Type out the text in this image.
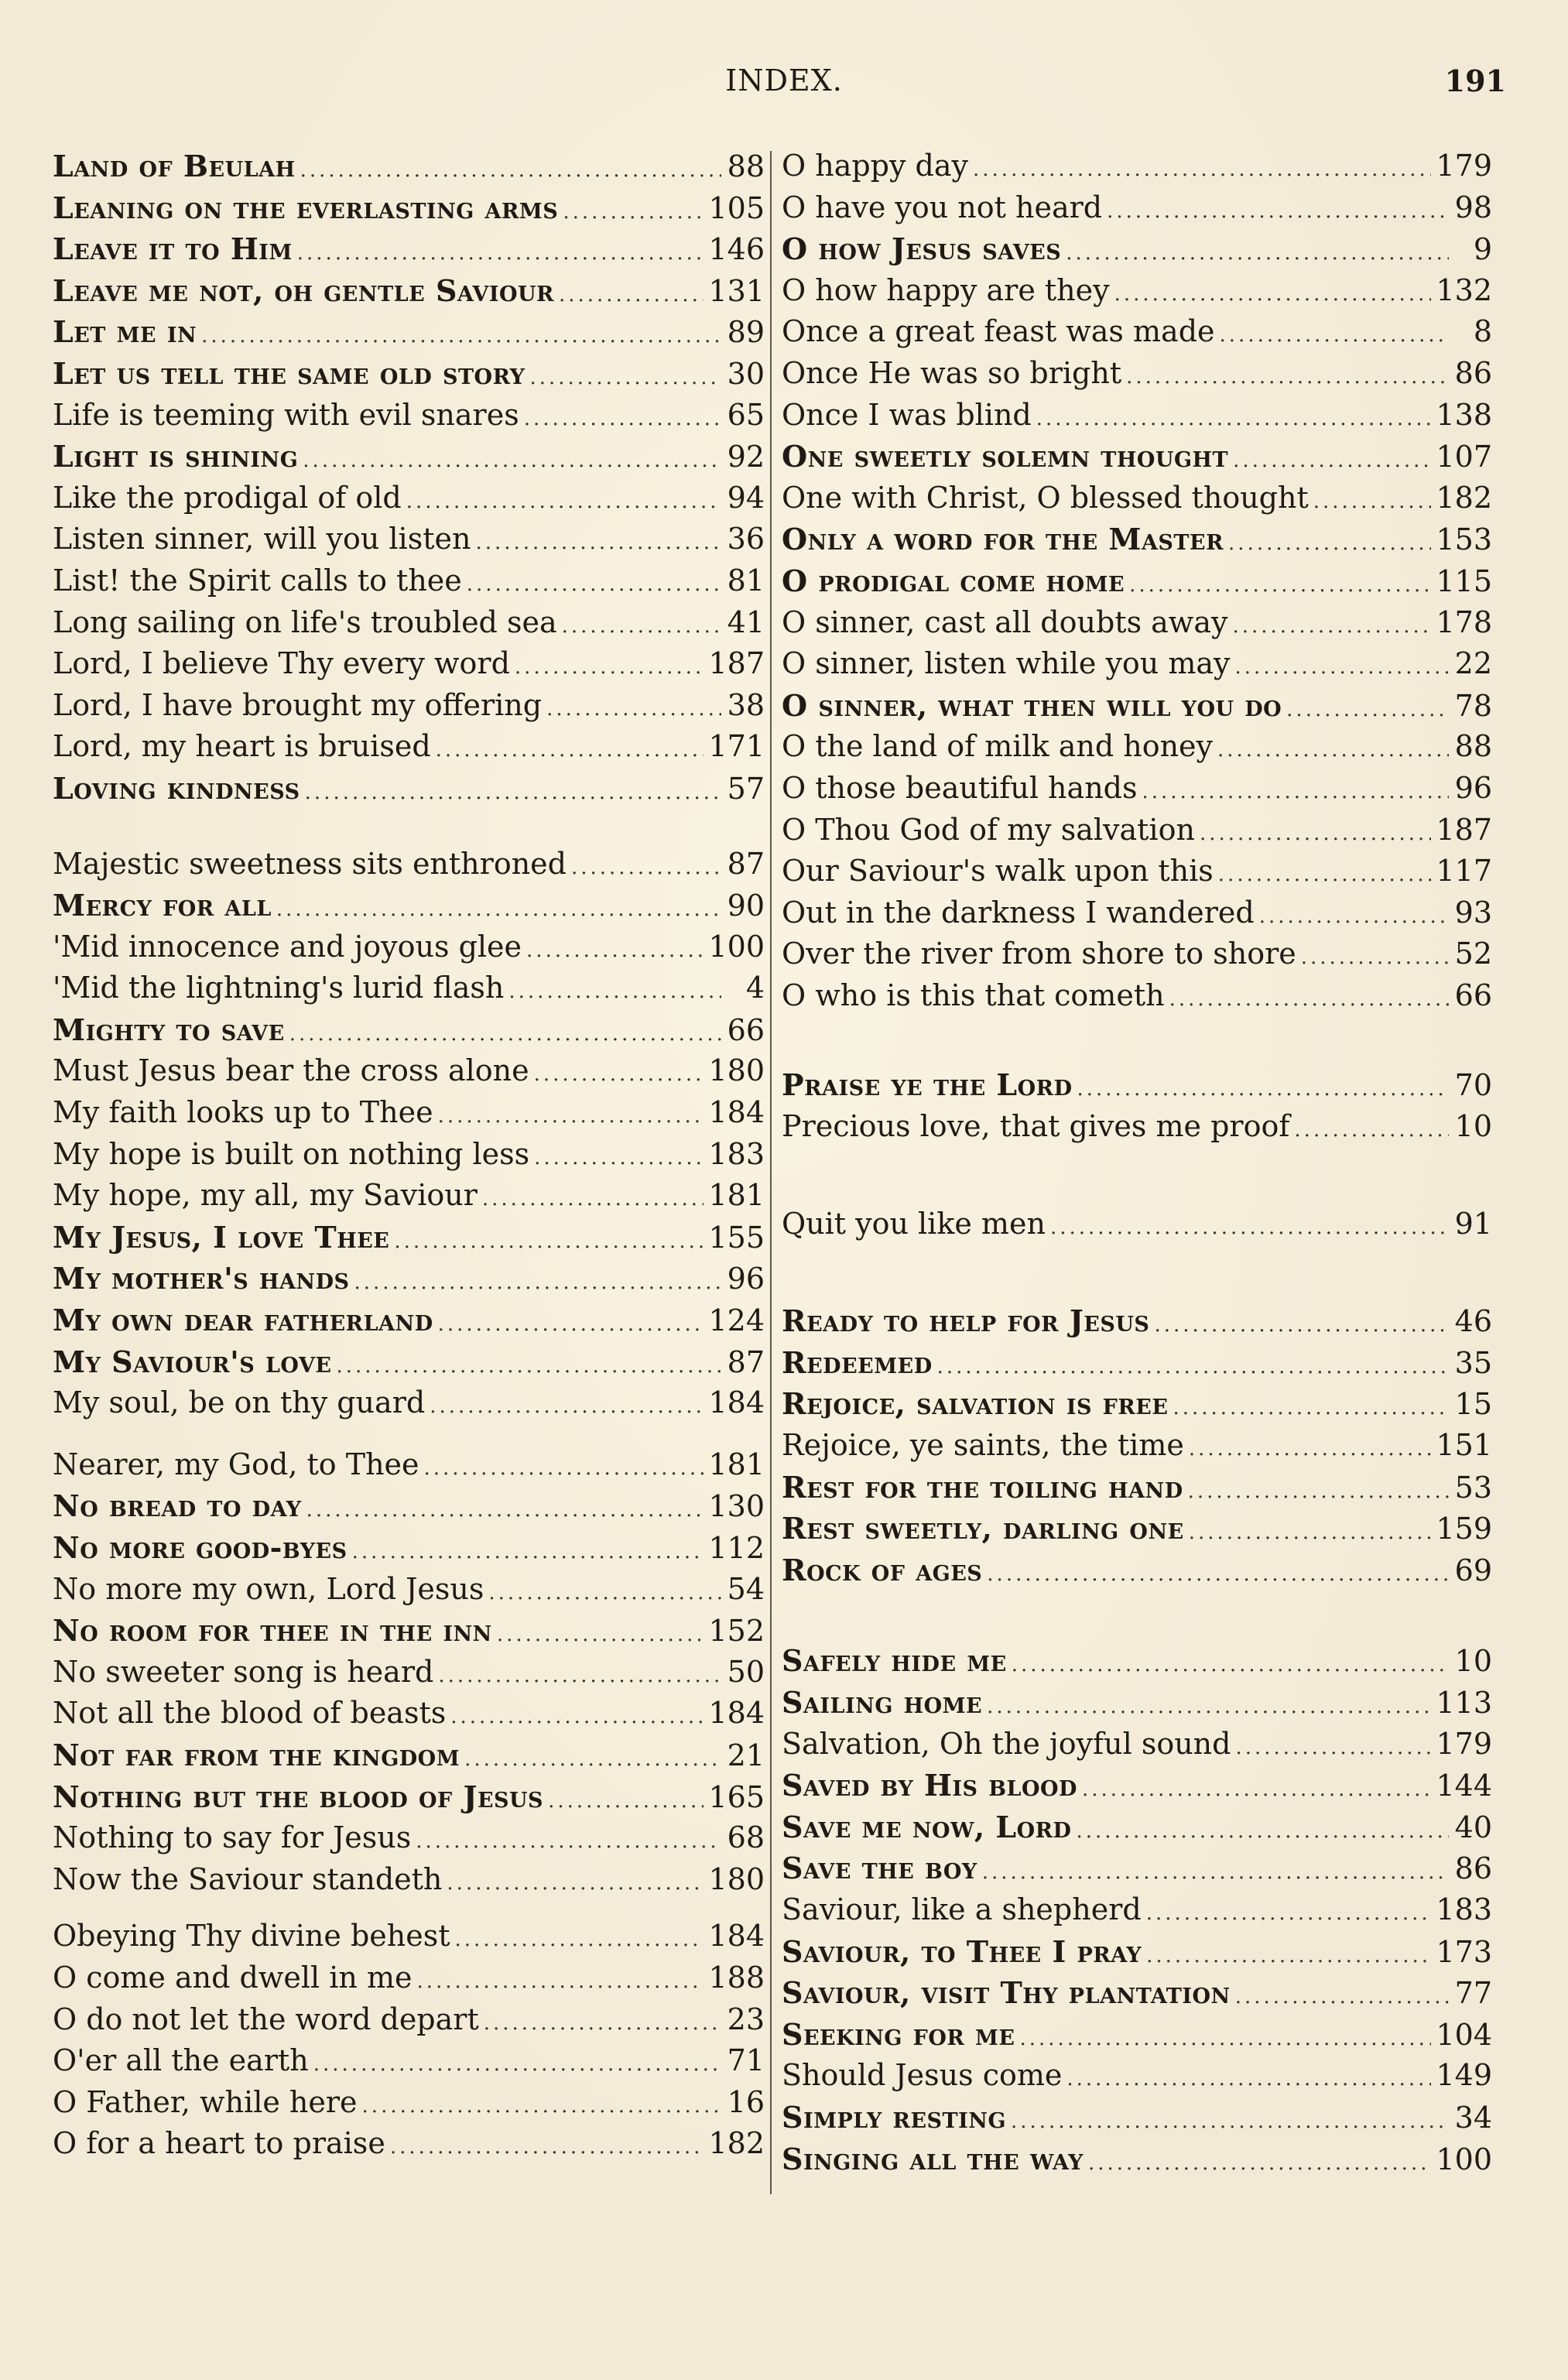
INDEX.	191
Land of Beulah .....	88
Leaning on the everlasting arms .....	105
Leave it to Him .....	146
Leave me not, oh gentle Saviour .....	131
Let me in .....	89
Let us tell the same old story .....	30
Life is teeming with evil snares .....	65
Light is shining .....	92
Like the prodigal of old .....	94
Listen sinner, will you listen .....	36
List! the Spirit calls to thee .....	81
Long sailing on life's troubled sea .....	41
Lord, I believe Thy every word .....	187
Lord, I have brought my offering .....	38
Lord, my heart is bruised .....	171
Loving kindness .....	57
Majestic sweetness sits enthroned .....	87
Mercy for all .....	90
'Mid innocence and joyous glee .....	100
'Mid the lightning's lurid flash .....	4
Mighty to save .....	66
Must Jesus bear the cross alone .....	180
My faith looks up to Thee .....	184
My hope is built on nothing less .....	183
My hope, my all, my Saviour .....	181
My Jesus, I love Thee .....	155
My mother's hands .....	96
My own dear fatherland .....	124
My Saviour's love .....	87
My soul, be on thy guard .....	184
Nearer, my God, to Thee .....	181
No bread to day .....	130
No more good-byes .....	112
No more my own, Lord Jesus .....	54
No room for thee in the inn .....	152
No sweeter song is heard .....	50
Not all the blood of beasts .....	184
Not far from the kingdom .....	21
Nothing but the blood of Jesus .....	165
Nothing to say for Jesus .....	68
Now the Saviour standeth .....	180
Obeying Thy divine behest .....	184
O come and dwell in me .....	188
O do not let the word depart .....	23
O'er all the earth .....	71
O Father, while here .....	16
O for a heart to praise .....	182
O happy day .....	179
O have you not heard .....	98
O how Jesus saves .....	9
O how happy are they .....	132
Once a great feast was made .....	8
Once He was so bright .....	86
Once I was blind .....	138
One sweetly solemn thought .....	107
One with Christ, O blessed thought .....	182
Only a word for the Master .....	153
O prodigal come home .....	115
O sinner, cast all doubts away .....	178
O sinner, listen while you may .....	22
O sinner, what then will you do .....	78
O the land of milk and honey .....	88
O those beautiful hands .....	96
O Thou God of my salvation .....	187
Our Saviour's walk upon this .....	117
Out in the darkness I wandered .....	93
Over the river from shore to shore .....	52
O who is this that cometh .....	66
Praise ye the Lord .....	70
Precious love, that gives me proof .....	10
Quit you like men .....	91
Ready to help for Jesus .....	46
Redeemed .....	35
Rejoice, salvation is free .....	15
Rejoice, ye saints, the time .....	151
Rest for the toiling hand .....	53
Rest sweetly, darling one .....	159
Rock of ages .....	69
Safely hide me .....	10
Sailing home .....	113
Salvation, Oh the joyful sound .....	179
Saved by His blood .....	144
Save me now, Lord .....	40
Save the boy .....	86
Saviour, like a shepherd .....	183
Saviour, to Thee I pray .....	173
Saviour, visit Thy plantation .....	77
Seeking for me .....	104
Should Jesus come .....	149
Simply resting .....	34
Singing all the way .....	100
